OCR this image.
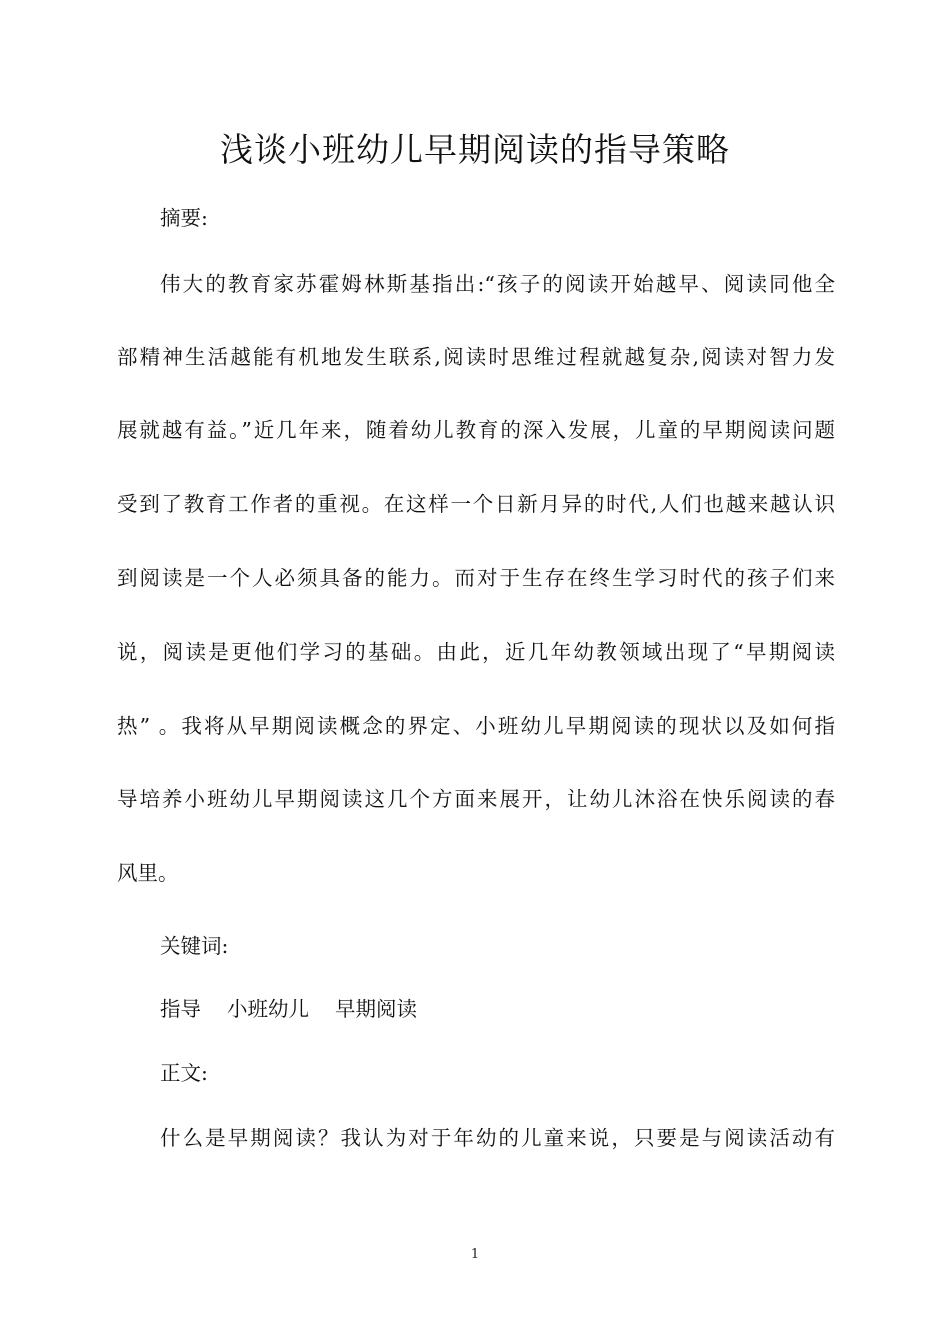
浅谈小班幼儿早期阅读的指导策略
摘要:
伟大的教育家苏霍姆林斯基指出:“孩子的阅读开始越早、阅读同他全
部精神生活越能有机地发生联系,阅读时思维过程就越复杂,阅读对智力发
展就越有益。”近几年来，随着幼儿教育的深入发展，儿童的早期阅读问题
受到了教育工作者的重视。在这样一个日新月异的时代,人们也越来越认识
到阅读是一个人必须具备的能力。而对于生存在终生学习时代的孩子们来
说，阅读是更他们学习的基础。由此，近几年幼教领域出现了“早期阅读
热” 。我将从早期阅读概念的界定、小班幼儿早期阅读的现状以及如何指
导培养小班幼儿早期阅读这几个方面来展开，让幼儿沐浴在快乐阅读的春
风里。
关键词:
指导 小班幼儿 早期阅读
正文:
什么是早期阅读？我认为对于年幼的儿童来说，只要是与阅读活动有
1
